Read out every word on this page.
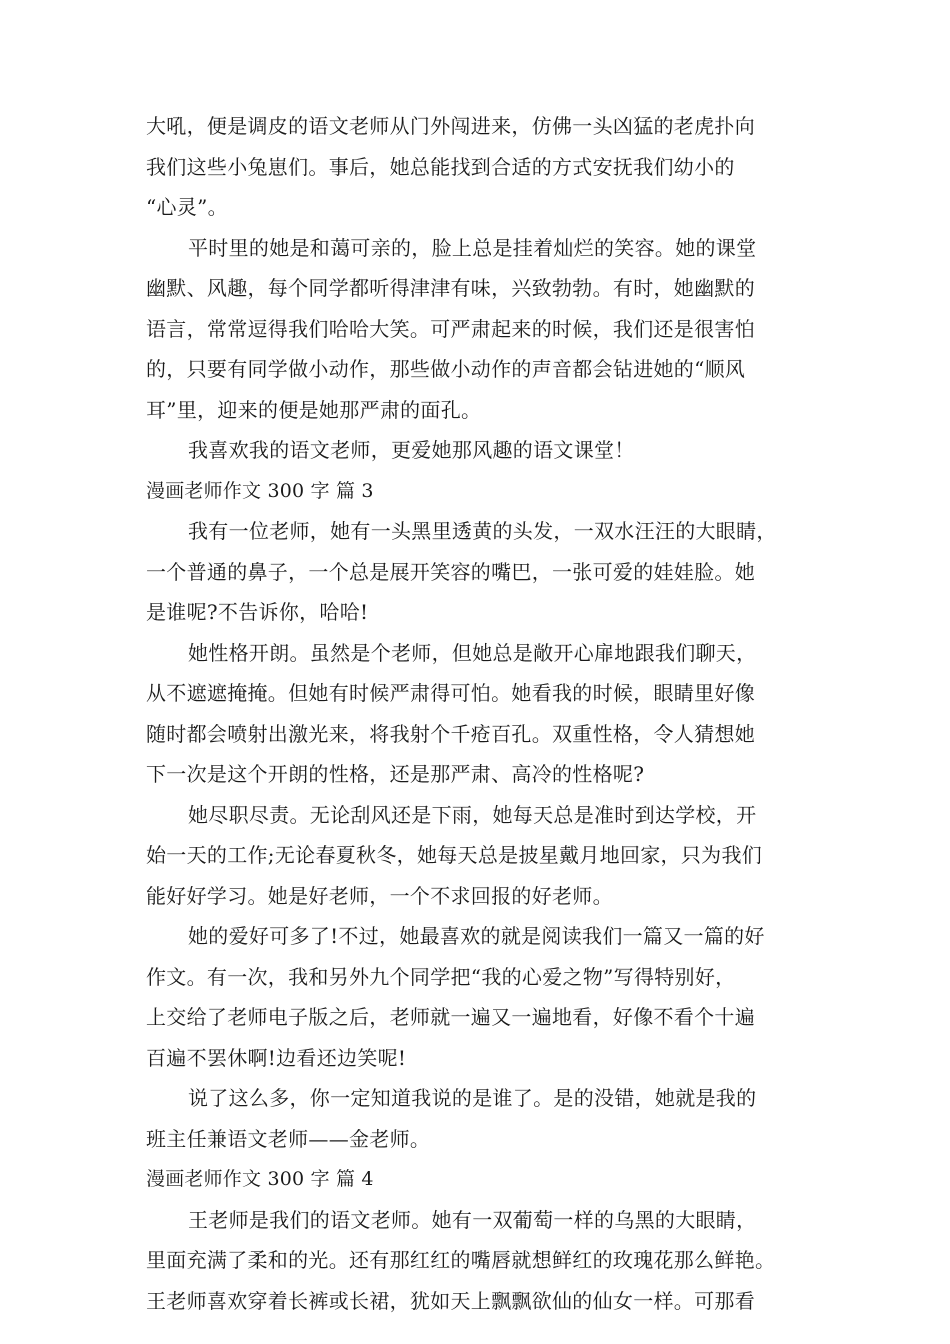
大吼，便是调皮的语文老师从门外闯进来，仿佛一头凶猛的老虎扑向
我们这些小兔崽们。事后，她总能找到合适的方式安抚我们幼小的
“心灵”。
平时里的她是和蔼可亲的，脸上总是挂着灿烂的笑容。她的课堂
幽默、风趣，每个同学都听得津津有味，兴致勃勃。有时，她幽默的
语言，常常逗得我们哈哈大笑。可严肃起来的时候，我们还是很害怕
的，只要有同学做小动作，那些做小动作的声音都会钻进她的“顺风
耳”里，迎来的便是她那严肃的面孔。
我喜欢我的语文老师，更爱她那风趣的语文课堂！
漫画老师作文 300 字 篇 3
我有一位老师，她有一头黑里透黄的头发，一双水汪汪的大眼睛，
一个普通的鼻子，一个总是展开笑容的嘴巴，一张可爱的娃娃脸。她
是谁呢?不告诉你，哈哈!
她性格开朗。虽然是个老师，但她总是敞开心扉地跟我们聊天，
从不遮遮掩掩。但她有时候严肃得可怕。她看我的时候，眼睛里好像
随时都会喷射出激光来，将我射个千疮百孔。双重性格，令人猜想她
下一次是这个开朗的性格，还是那严肃、高冷的性格呢?
她尽职尽责。无论刮风还是下雨，她每天总是准时到达学校，开
始一天的工作;无论春夏秋冬，她每天总是披星戴月地回家，只为我们
能好好学习。她是好老师，一个不求回报的好老师。
她的爱好可多了!不过，她最喜欢的就是阅读我们一篇又一篇的好
作文。有一次，我和另外九个同学把“我的心爱之物”写得特别好，
上交给了老师电子版之后，老师就一遍又一遍地看，好像不看个十遍
百遍不罢休啊!边看还边笑呢!
说了这么多，你一定知道我说的是谁了。是的没错，她就是我的
班主任兼语文老师——金老师。
漫画老师作文 300 字 篇 4
王老师是我们的语文老师。她有一双葡萄一样的乌黑的大眼睛，
里面充满了柔和的光。还有那红红的嘴唇就想鲜红的玫瑰花那么鲜艳。
王老师喜欢穿着长裤或长裙，犹如天上飘飘欲仙的仙女一样。可那看
